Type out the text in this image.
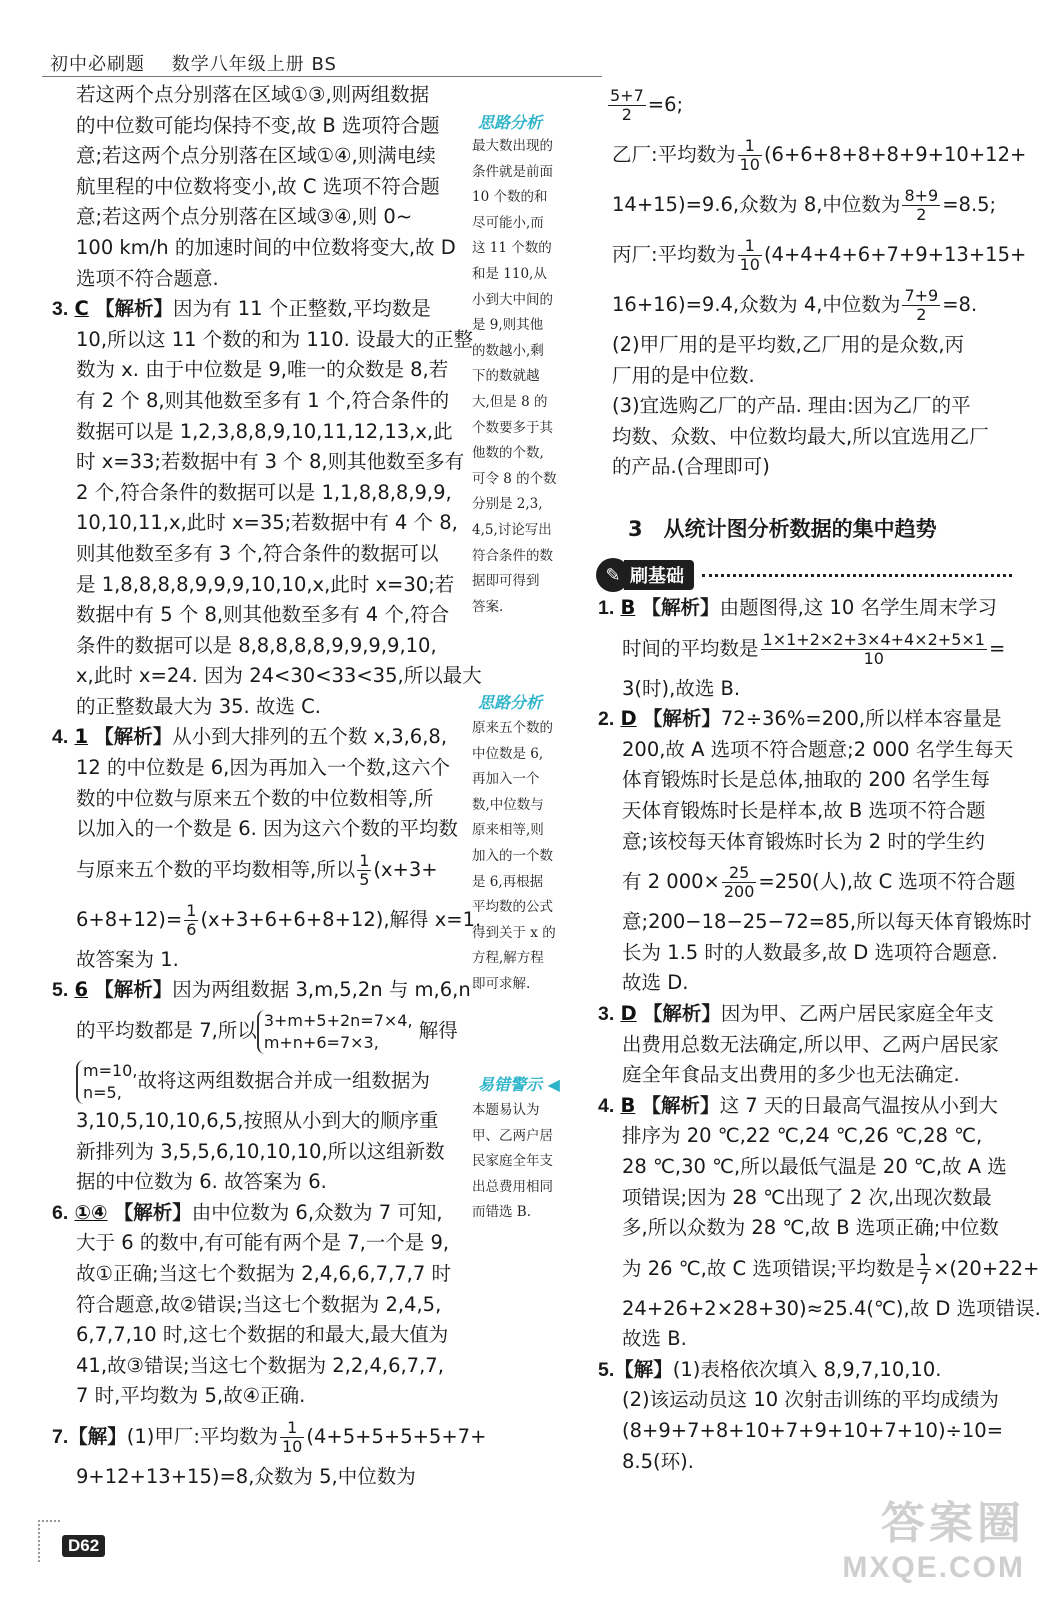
初中必刷题 数学八年级上册 BS

若这两个点分别落在区域①③,则两组数据

的中位数可能均保持不变,故 B 选项符合题

意;若这两个点分别落在区域①④,则满电续

航里程的中位数将变小,故 C 选项不符合题

意;若这两个点分别落在区域③④,则 0~

100 km/h 的加速时间的中位数将变大,故 D

选项不符合题意.

3. C 【解析】因为有 11 个正整数,平均数是

10,所以这 11 个数的和为 110. 设最大的正整

数为 x. 由于中位数是 9,唯一的众数是 8,若

有 2 个 8,则其他数至多有 1 个,符合条件的

数据可以是 1,2,3,8,8,9,10,11,12,13,x,此

时 x=33;若数据中有 3 个 8,则其他数至多有

2 个,符合条件的数据可以是 1,1,8,8,8,9,9,

10,10,11,x,此时 x=35;若数据中有 4 个 8,

则其他数至多有 3 个,符合条件的数据可以

是 1,8,8,8,8,9,9,9,10,10,x,此时 x=30;若

数据中有 5 个 8,则其他数至多有 4 个,符合

条件的数据可以是 8,8,8,8,8,9,9,9,9,10,

x,此时 x=24. 因为 24<30<33<35,所以最大

的正整数最大为 35. 故选 C.

4. 1 【解析】从小到大排列的五个数 x,3,6,8,

12 的中位数是 6,因为再加入一个数,这六个

数的中位数与原来五个数的中位数相等,所

以加入的一个数是 6. 因为这六个数的平均数

与原来五个数的平均数相等,所以 $\frac{1}{5} (x+3+$

$6+8+12)= \frac{1}{6} (x+3+6+6+8+12)$,解得 x=1.

故答案为 1.

5. 6 【解析】因为两组数据 3,m,5,2n 与 m,6,n

的平均数都是 7,所以 3+m+5+2n=7×4,
m+n+6=7×3,	解得

m=10,
n=5, 故将这两组数据合并成一组数据为

3,10,5,10,10,6,5,按照从小到大的顺序重

新排列为 3,5,5,6,10,10,10,所以这组新数

据的中位数为 6. 故答案为 6.

6. ①④ 【解析】由中位数为 6,众数为 7 可知,

大于 6 的数中,有可能有两个是 7,一个是 9,

故①正确;当这七个数据为 2,4,6,6,7,7,7 时

符合题意,故②错误;当这七个数据为 2,4,5,

6,7,7,10 时,这七个数据的和最大,最大值为

41,故③错误;当这七个数据为 2,2,4,6,7,7,

7 时,平均数为 5,故④正确.

7.【解】(1)甲厂:平均数为 $\frac{1}{10} (4+5+5+5+5+7+$

9+12+13+15)=8,众数为 5,中位数为

思路分析

最大数出现的

条件就是前面

10 个数的和

尽可能小,而

这 11 个数的

和是 110,从

小到大中间的

是 9,则其他

的数越小,剩

下的数就越

大,但是 8 的

个数要多于其

他数的个数,

可令 8 的个数

分别是 2,3,

4,5,讨论写出

符合条件的数

据即可得到

答案.

思路分析

原来五个数的

中位数是 6,

再加入一个

数,中位数与

原来相等,则

加入的一个数

是 6,再根据

平均数的公式

得到关于 x 的

方程,解方程

即可求解.

易错警示 ◀

本题易认为

甲、乙两户居

民家庭全年支

出总费用相同

而错选 B.

$\frac{5+7}{2} =6$;

乙厂:平均数为 $\frac{1}{10} (6+6+8+8+8+9+10+12+$

14+15)=9.6,众数为 8,中位数为 $\frac{8+9}{2} =8.5$;

丙厂:平均数为 $\frac{1}{10} (4+4+4+6+7+9+13+15+$

16+16)=9.4,众数为 4,中位数为 $\frac{7+9}{2} =8$.

(2)甲厂用的是平均数,乙厂用的是众数,丙

厂用的是中位数.

(3)宜选购乙厂的产品. 理由:因为乙厂的平

均数、众数、中位数均最大,所以宜选用乙厂

的产品.(合理即可)

3　从统计图分析数据的集中趋势
✎ 刷基础

1. B 【解析】由题图得,这 10 名学生周末学习

时间的平均数是 $\frac{1\times 1+2\times 2+3\times 4+4\times 2+5\times 1}{10}$ =

3(时),故选 B.

2. D 【解析】72÷36%=200,所以样本容量是

200,故 A 选项不符合题意;2 000 名学生每天

体育锻炼时长是总体,抽取的 200 名学生每

天体育锻炼时长是样本,故 B 选项不符合题

意;该校每天体育锻炼时长为 2 时的学生约

有 2 $000\times \frac{25}{200} =250$(人),故 C 选项不符合题

意;200−18−25−72=85,所以每天体育锻炼时

长为 1.5 时的人数最多,故 D 选项符合题意.

故选 D.

3. D 【解析】因为甲、乙两户居民家庭全年支

出费用总数无法确定,所以甲、乙两户居民家

庭全年食品支出费用的多少也无法确定.

4. B 【解析】这 7 天的日最高气温按从小到大

排序为 20 ℃,22 ℃,24 ℃,26 ℃,28 ℃,

28 ℃,30 ℃,所以最低气温是 20 ℃,故 A 选

项错误;因为 28 ℃出现了 2 次,出现次数最

多,所以众数为 28 ℃,故 B 选项正确;中位数

为 26 ℃,故 C 选项错误;平均数是 $\frac{1}{7} \times(20+22+$

24+26+2×28+30)≈25.4(℃),故 D 选项错误.

故选 B.

5.【解】(1)表格依次填入 8,9,7,10,10.

(2)该运动员这 10 次射击训练的平均成绩为

(8+9+7+8+10+7+9+10+7+10)÷10=

8.5(环).

D62	答案圈
MXQE.COM
